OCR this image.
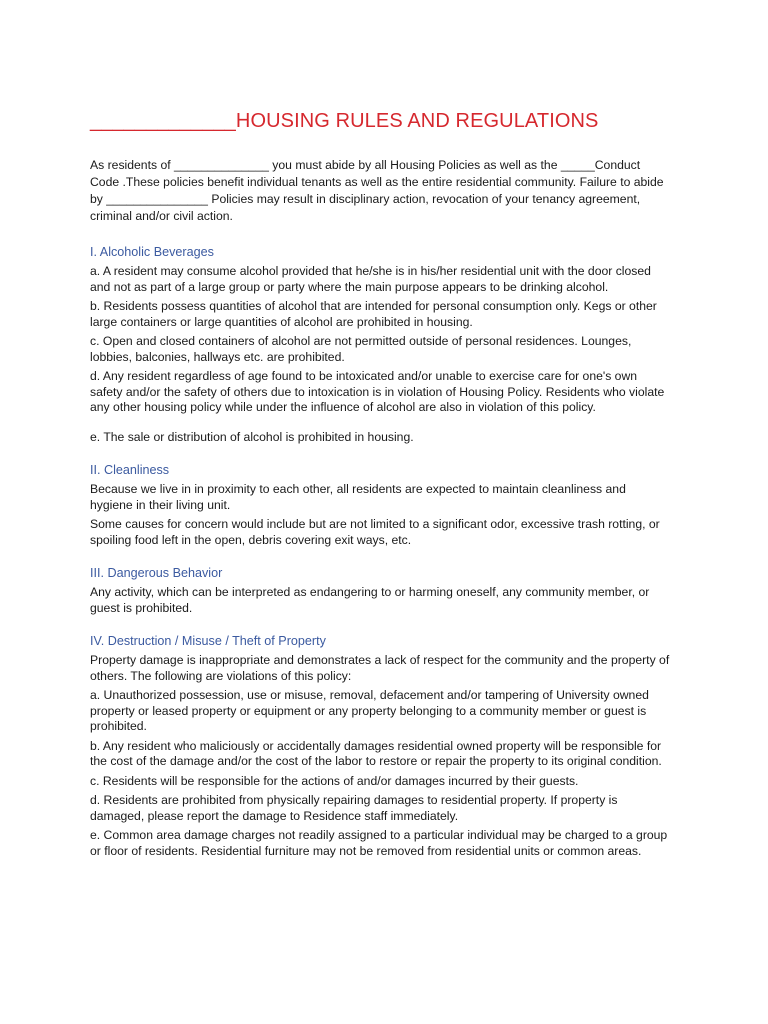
_____________HOUSING RULES AND REGULATIONS

As residents of ______________ you must abide by all Housing Policies as well as the _____Conduct Code .These policies benefit individual tenants as well as the entire residential community. Failure to abide by _______________ Policies may result in disciplinary action, revocation of your tenancy agreement, criminal and/or civil action.

I. Alcoholic Beverages

a. A resident may consume alcohol provided that he/she is in his/her residential unit with the door closed and not as part of a large group or party where the main purpose appears to be drinking alcohol.

b. Residents possess quantities of alcohol that are intended for personal consumption only. Kegs or other large containers or large quantities of alcohol are prohibited in housing.

c. Open and closed containers of alcohol are not permitted outside of personal residences. Lounges, lobbies, balconies, hallways etc. are prohibited.

d. Any resident regardless of age found to be intoxicated and/or unable to exercise care for one's own safety and/or the safety of others due to intoxication is in violation of Housing Policy. Residents who violate any other housing policy while under the influence of alcohol are also in violation of this policy.

e. The sale or distribution of alcohol is prohibited in housing.

II. Cleanliness

Because we live in in proximity to each other, all residents are expected to maintain cleanliness and hygiene in their living unit.

Some causes for concern would include but are not limited to a significant odor, excessive trash rotting, or spoiling food left in the open, debris covering exit ways, etc.

III. Dangerous Behavior

Any activity, which can be interpreted as endangering to or harming oneself, any community member, or guest is prohibited.

IV. Destruction / Misuse / Theft of Property

Property damage is inappropriate and demonstrates a lack of respect for the community and the property of others. The following are violations of this policy:

a. Unauthorized possession, use or misuse, removal, defacement and/or tampering of University owned property or leased property or equipment or any property belonging to a community member or guest is prohibited.

b. Any resident who maliciously or accidentally damages residential owned property will be responsible for the cost of the damage and/or the cost of the labor to restore or repair the property to its original condition.

c. Residents will be responsible for the actions of and/or damages incurred by their guests.

d. Residents are prohibited from physically repairing damages to residential property. If property is damaged, please report the damage to Residence staff immediately.

e. Common area damage charges not readily assigned to a particular individual may be charged to a group or floor of residents. Residential furniture may not be removed from residential units or common areas.
